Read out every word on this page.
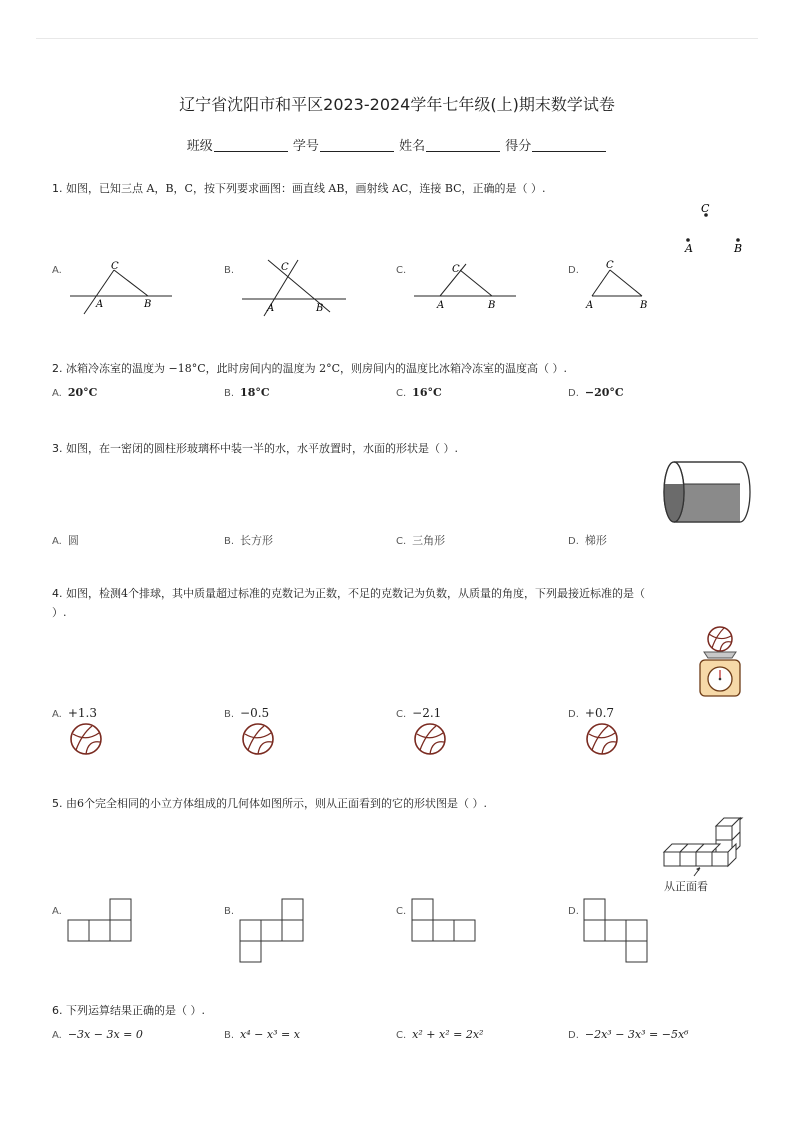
辽宁省沈阳市和平区2023-2024学年七年级(上)期末数学试卷
班级	学号	姓名	得分
1. 如图，已知三点 A，B，C，按下列要求画图：画直线 AB，画射线 AC，连接 BC，正确的是（ ）.
C
A	B
A.	C
A	B
B.	C
A	B
C.	C
A	B
D.	C
A	B
2. 冰箱冷冻室的温度为 −18°C，此时房间内的温度为 2°C，则房间内的温度比冰箱冷冻室的温度高（ ）.
A. 20°C	B. 18°C	C. 16°C	D. −20°C
3. 如图，在一密闭的圆柱形玻璃杯中装一半的水，水平放置时，水面的形状是（ ）.
A. 圆	B. 长方形	C. 三角形	D. 梯形
4. 如图，检测4个排球，其中质量超过标准的克数记为正数，不足的克数记为负数，从质量的角度，下列最接近标准的是（
）.
A. +1.3	B. −0.5	C. −2.1	D. +0.7
5. 由6个完全相同的小立方体组成的几何体如图所示，则从正面看到的它的形状图是（ ）.
从正面看
A.	B.	C.	D.
6. 下列运算结果正确的是（ ）.
A. −3x − 3x = 0	B. x⁴ − x³ = x	C. x² + x² = 2x²	D. −2x³ − 3x³ = −5x⁶
